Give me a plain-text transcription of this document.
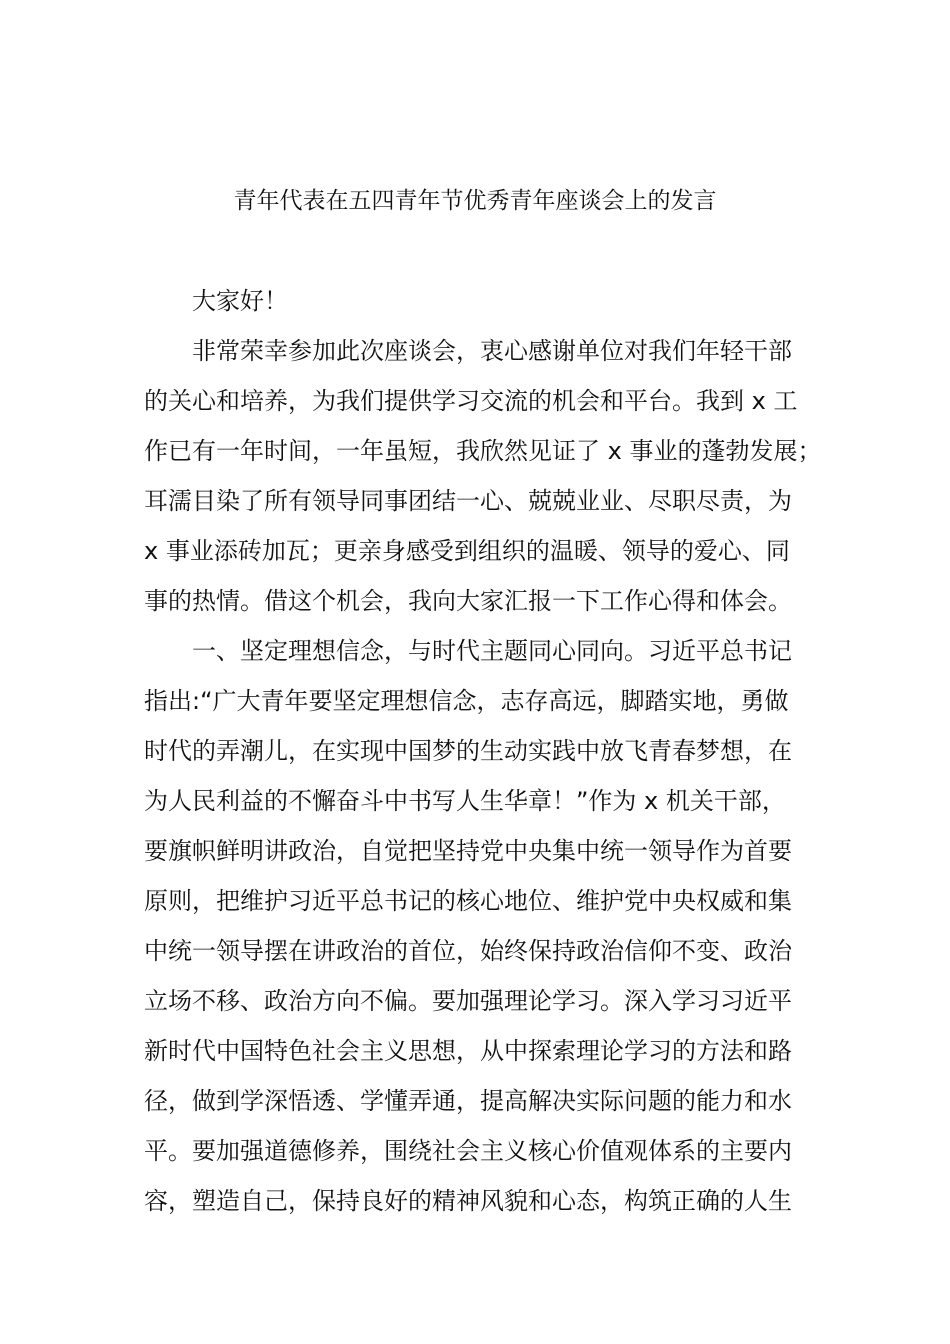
青年代表在五四青年节优秀青年座谈会上的发言
大家好！
非常荣幸参加此次座谈会，衷心感谢单位对我们年轻干部
的关心和培养，为我们提供学习交流的机会和平台。我到 x 工
作已有一年时间，一年虽短，我欣然见证了 x 事业的蓬勃发展；
耳濡目染了所有领导同事团结一心、兢兢业业、尽职尽责，为
x 事业添砖加瓦；更亲身感受到组织的温暖、领导的爱心、同
事的热情。借这个机会，我向大家汇报一下工作心得和体会。
一、坚定理想信念，与时代主题同心同向。习近平总书记
指出:“广大青年要坚定理想信念，志存高远，脚踏实地，勇做
时代的弄潮儿，在实现中国梦的生动实践中放飞青春梦想，在
为人民利益的不懈奋斗中书写人生华章！”作为 x 机关干部，
要旗帜鲜明讲政治，自觉把坚持党中央集中统一领导作为首要
原则，把维护习近平总书记的核心地位、维护党中央权威和集
中统一领导摆在讲政治的首位，始终保持政治信仰不变、政治
立场不移、政治方向不偏。要加强理论学习。深入学习习近平
新时代中国特色社会主义思想，从中探索理论学习的方法和路
径，做到学深悟透、学懂弄通，提高解决实际问题的能力和水
平。要加强道德修养，围绕社会主义核心价值观体系的主要内
容，塑造自己，保持良好的精神风貌和心态，构筑正确的人生
